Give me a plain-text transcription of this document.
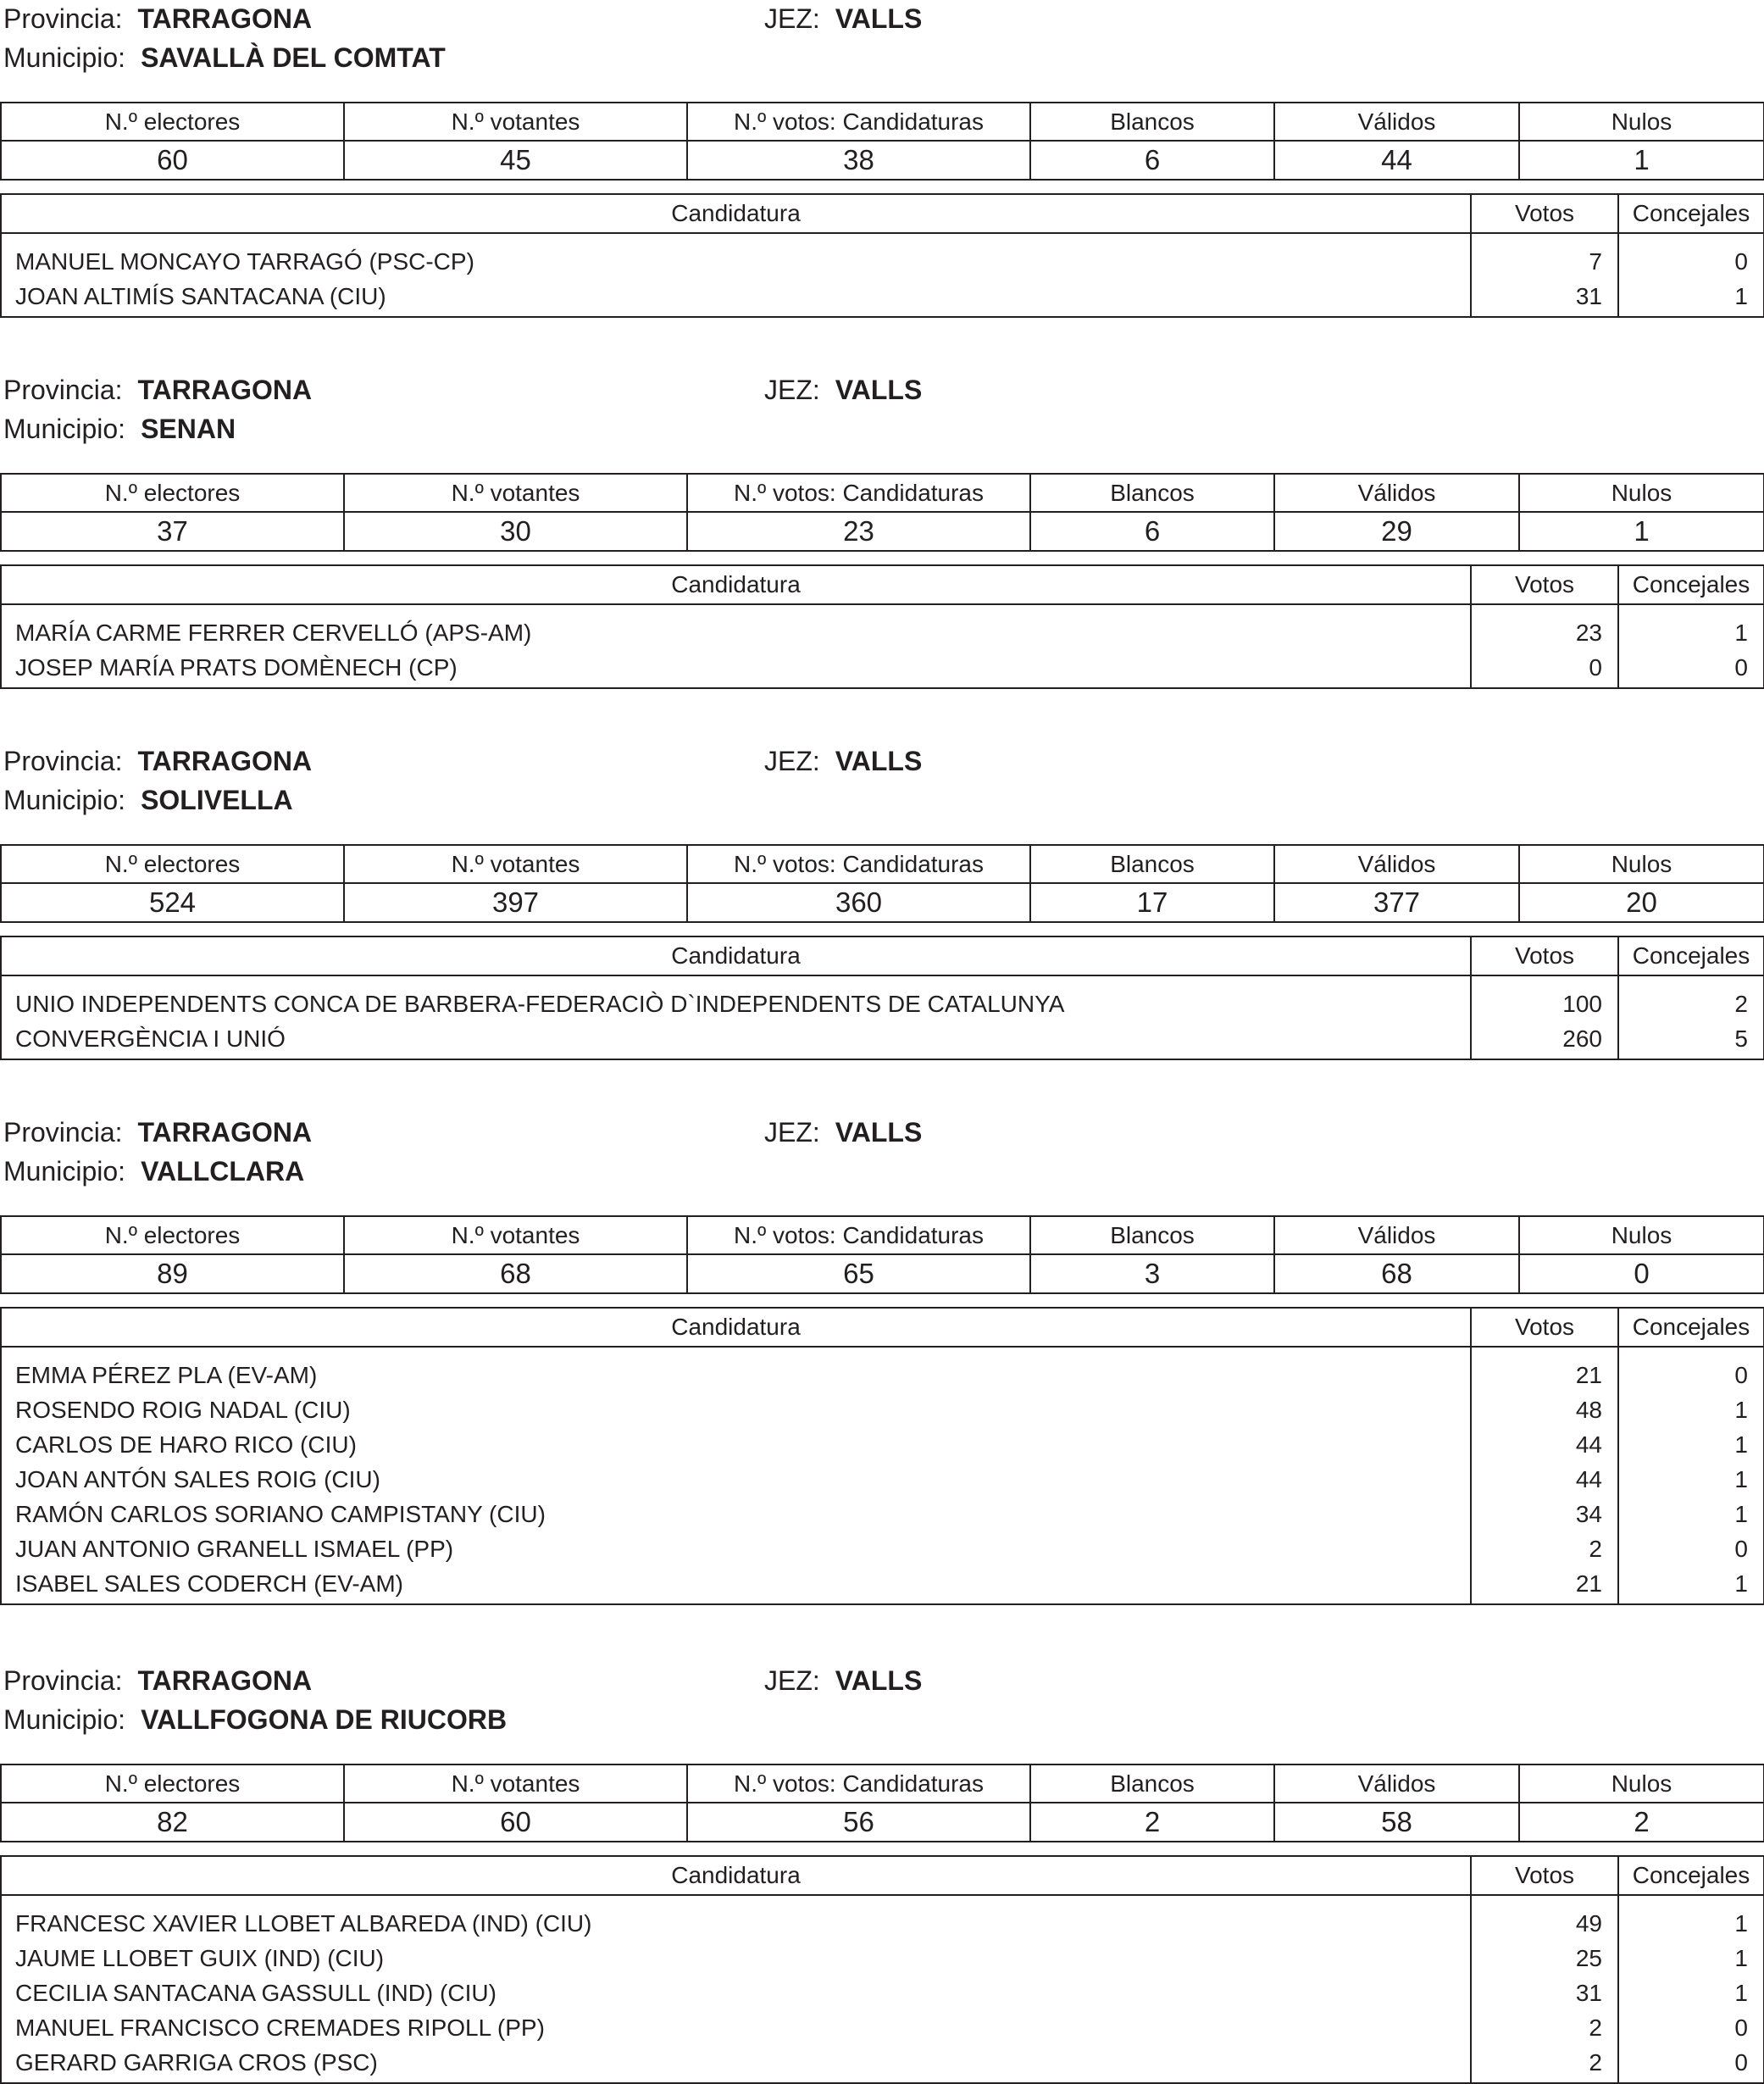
Provincia: TARRAGONA	JEZ: VALLS
Municipio: SAVALLÀ DEL COMTAT
N.º electores	N.º votantes	N.º votos: Candidaturas	Blancos	Válidos	Nulos
60	45	38	6	44	1
Candidatura	Votos	Concejales
MANUEL MONCAYO TARRAGÓ (PSC-CP)	7	0
JOAN ALTIMÍS SANTACANA (CIU)	31	1
Provincia: TARRAGONA	JEZ: VALLS
Municipio: SENAN
N.º electores	N.º votantes	N.º votos: Candidaturas	Blancos	Válidos	Nulos
37	30	23	6	29	1
Candidatura	Votos	Concejales
MARÍA CARME FERRER CERVELLÓ (APS-AM)	23	1
JOSEP MARÍA PRATS DOMÈNECH (CP)	0	0
Provincia: TARRAGONA	JEZ: VALLS
Municipio: SOLIVELLA
N.º electores	N.º votantes	N.º votos: Candidaturas	Blancos	Válidos	Nulos
524	397	360	17	377	20
Candidatura	Votos	Concejales
UNIO INDEPENDENTS CONCA DE BARBERA-FEDERACIÒ D`INDEPENDENTS DE CATALUNYA	100	2
CONVERGÈNCIA I UNIÓ	260	5
Provincia: TARRAGONA	JEZ: VALLS
Municipio: VALLCLARA
N.º electores	N.º votantes	N.º votos: Candidaturas	Blancos	Válidos	Nulos
89	68	65	3	68	0
Candidatura	Votos	Concejales
EMMA PÉREZ PLA (EV-AM)	21	0
ROSENDO ROIG NADAL (CIU)	48	1
CARLOS DE HARO RICO (CIU)	44	1
JOAN ANTÓN SALES ROIG (CIU)	44	1
RAMÓN CARLOS SORIANO CAMPISTANY (CIU)	34	1
JUAN ANTONIO GRANELL ISMAEL (PP)	2	0
ISABEL SALES CODERCH (EV-AM)	21	1
Provincia: TARRAGONA	JEZ: VALLS
Municipio: VALLFOGONA DE RIUCORB
N.º electores	N.º votantes	N.º votos: Candidaturas	Blancos	Válidos	Nulos
82	60	56	2	58	2
Candidatura	Votos	Concejales
FRANCESC XAVIER LLOBET ALBAREDA (IND) (CIU)	49	1
JAUME LLOBET GUIX (IND) (CIU)	25	1
CECILIA SANTACANA GASSULL (IND) (CIU)	31	1
MANUEL FRANCISCO CREMADES RIPOLL (PP)	2	0
GERARD GARRIGA CROS (PSC)	2	0
